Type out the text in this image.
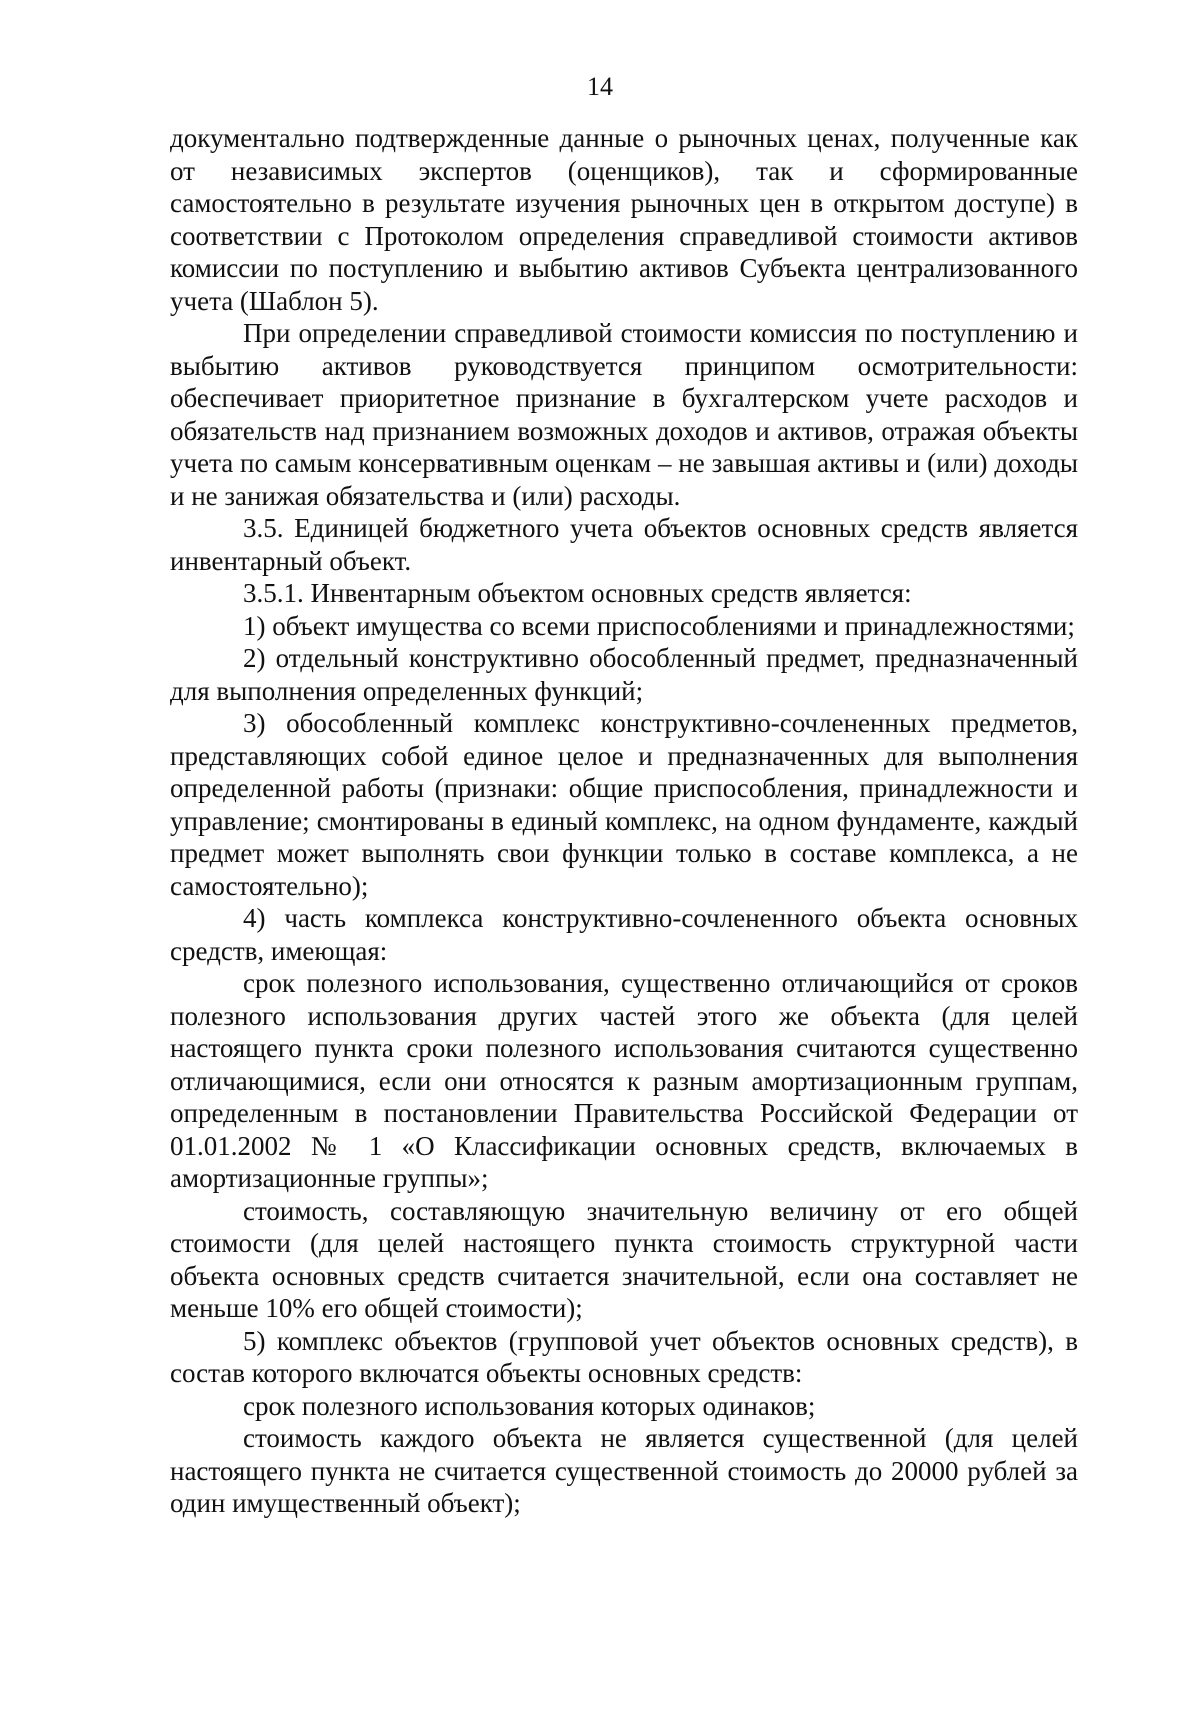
14

документально подтвержденные данные о рыночных ценах, полученные как от независимых экспертов (оценщиков), так и сформированные самостоятельно в результате изучения рыночных цен в открытом доступе) в соответствии с Протоколом определения справедливой стоимости активов комиссии по поступлению и выбытию активов Субъекта централизованного учета (Шаблон 5).

При определении справедливой стоимости комиссия по поступлению и выбытию активов руководствуется принципом осмотрительности: обеспечивает приоритетное признание в бухгалтерском учете расходов и обязательств над признанием возможных доходов и активов, отражая объекты учета по самым консервативным оценкам – не завышая активы и (или) доходы и не занижая обязательства и (или) расходы.

3.5. Единицей бюджетного учета объектов основных средств является инвентарный объект.

3.5.1. Инвентарным объектом основных средств является:

1) объект имущества со всеми приспособлениями и принадлежностями;

2) отдельный конструктивно обособленный предмет, предназначенный для выполнения определенных функций;

3) обособленный комплекс конструктивно-сочлененных предметов, представляющих собой единое целое и предназначенных для выполнения определенной работы (признаки: общие приспособления, принадлежности и управление; смонтированы в единый комплекс, на одном фундаменте, каждый предмет может выполнять свои функции только в составе комплекса, а не самостоятельно);

4) часть комплекса конструктивно-сочлененного объекта основных средств, имеющая:

срок полезного использования, существенно отличающийся от сроков полезного использования других частей этого же объекта (для целей настоящего пункта сроки полезного использования считаются существенно отличающимися, если они относятся к разным амортизационным группам, определенным в постановлении Правительства Российской Федерации от 01.01.2002 № 1 «О Классификации основных средств, включаемых в амортизационные группы»;

стоимость, составляющую значительную величину от его общей стоимости (для целей настоящего пункта стоимость структурной части объекта основных средств считается значительной, если она составляет не меньше 10% его общей стоимости);

5) комплекс объектов (групповой учет объектов основных средств), в состав которого включатся объекты основных средств:

срок полезного использования которых одинаков;

стоимость каждого объекта не является существенной (для целей настоящего пункта не считается существенной стоимость до 20000 рублей за один имущественный объект);
